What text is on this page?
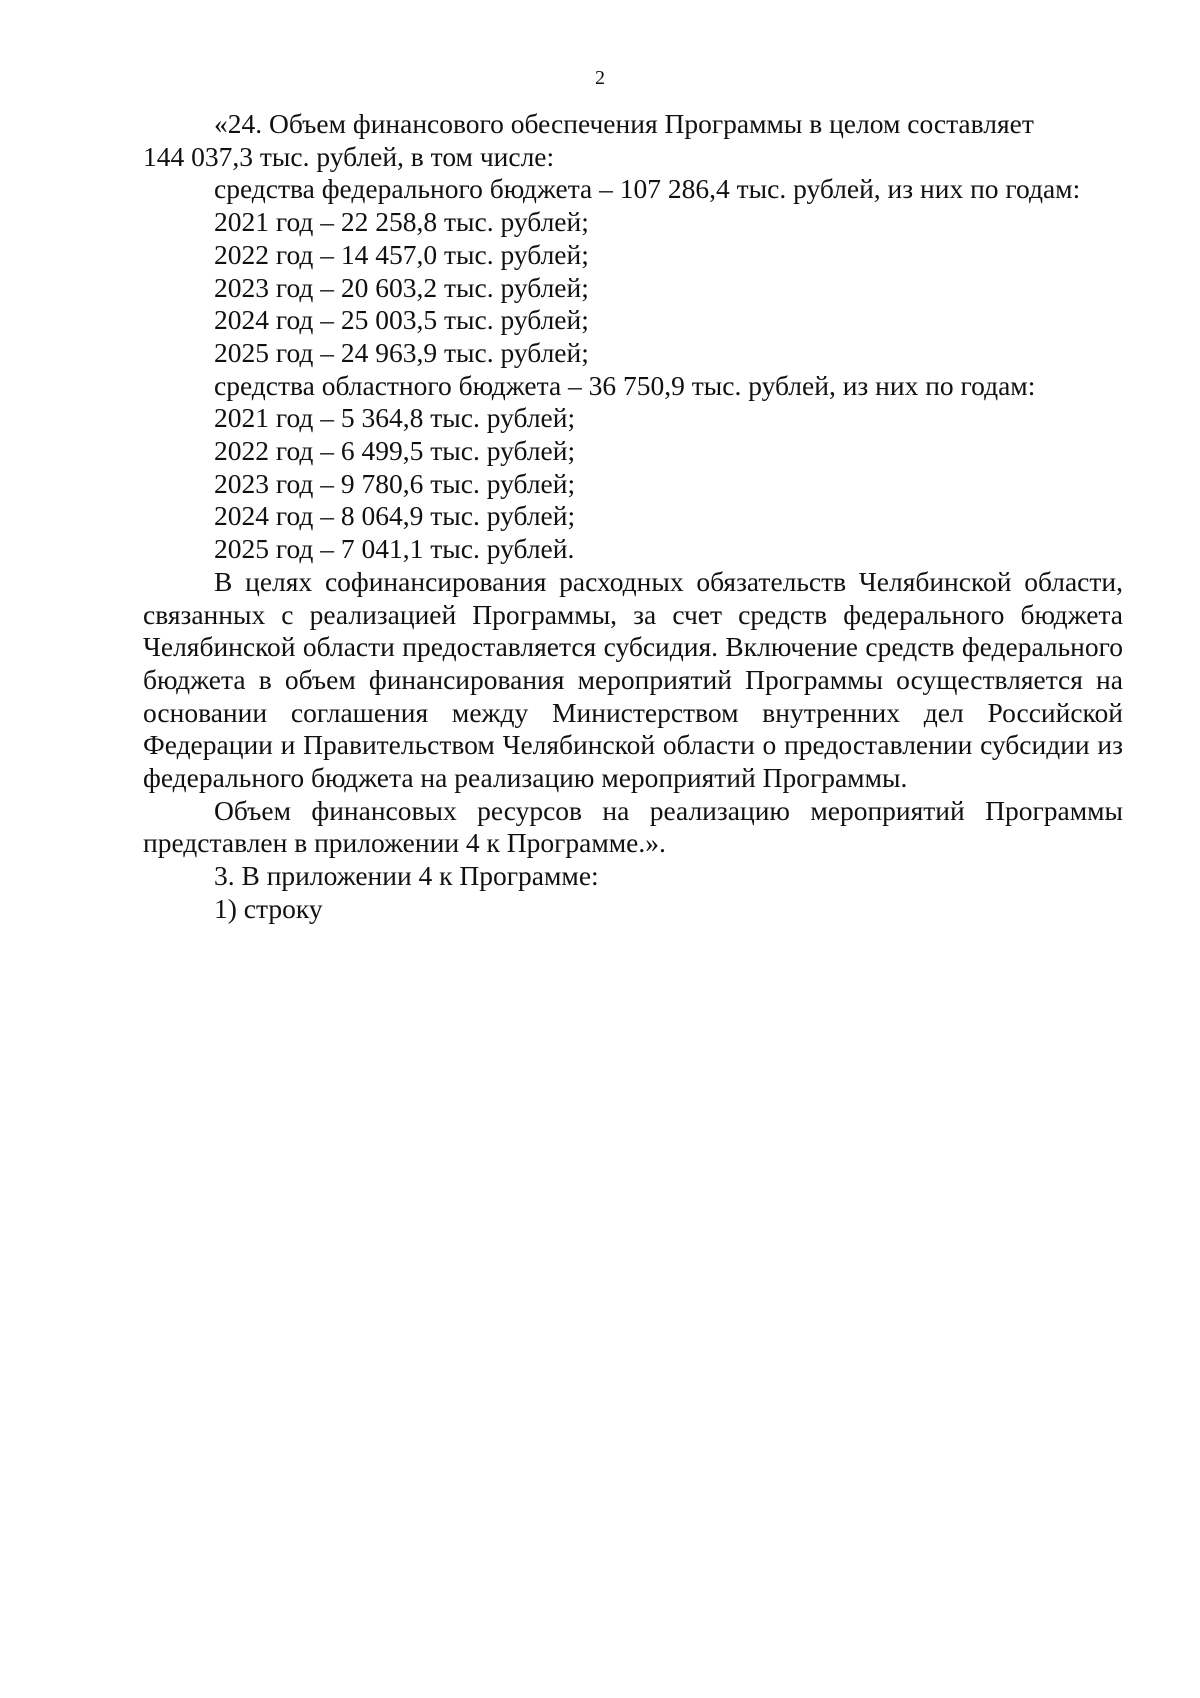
2

«24. Объем финансового обеспечения Программы в целом составляет

144 037,3 тыс. рублей, в том числе:

средства федерального бюджета – 107 286,4 тыс. рублей, из них по годам:

2021 год – 22 258,8 тыс. рублей;

2022 год – 14 457,0 тыс. рублей;

2023 год – 20 603,2 тыс. рублей;

2024 год – 25 003,5 тыс. рублей;

2025 год – 24 963,9 тыс. рублей;

средства областного бюджета – 36 750,9 тыс. рублей, из них по годам:

2021 год – 5 364,8 тыс. рублей;

2022 год – 6 499,5 тыс. рублей;

2023 год – 9 780,6 тыс. рублей;

2024 год – 8 064,9 тыс. рублей;

2025 год – 7 041,1 тыс. рублей.

В целях софинансирования расходных обязательств Челябинской области, связанных с реализацией Программы, за счет средств федерального бюджета Челябинской области предоставляется субсидия. Включение средств федерального бюджета в объем финансирования мероприятий Программы осуществляется на основании соглашения между Министерством внутренних дел Российской Федерации и Правительством Челябинской области о предоставлении субсидии из федерального бюджета на реализацию мероприятий Программы.

Объем финансовых ресурсов на реализацию мероприятий Программы представлен в приложении 4 к Программе.».

3. В приложении 4 к Программе:

1) строку
